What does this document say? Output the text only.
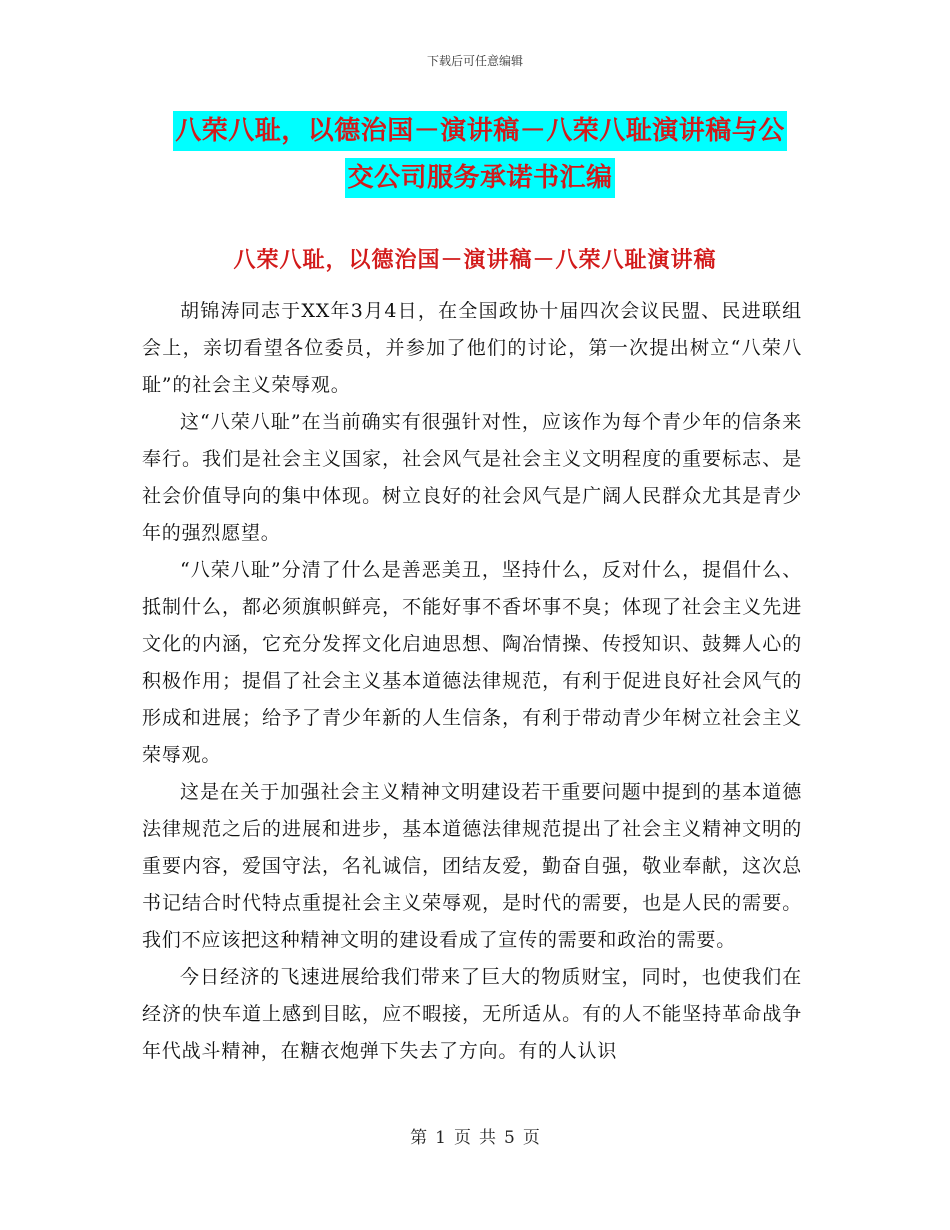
下载后可任意编辑
八荣八耻，以德治国－演讲稿－八荣八耻演讲稿与公
交公司服务承诺书汇编
八荣八耻，以德治国－演讲稿－八荣八耻演讲稿

胡锦涛同志于XX年3月4日，在全国政协十届四次会议民盟、民进联组会上，亲切看望各位委员，并参加了他们的讨论，第一次提出树立“八荣八耻”的社会主义荣辱观。

这“八荣八耻”在当前确实有很强针对性，应该作为每个青少年的信条来奉行。我们是社会主义国家，社会风气是社会主义文明程度的重要标志、是社会价值导向的集中体现。树立良好的社会风气是广阔人民群众尤其是青少年的强烈愿望。

“八荣八耻”分清了什么是善恶美丑，坚持什么，反对什么，提倡什么、抵制什么，都必须旗帜鲜亮，不能好事不香坏事不臭；体现了社会主义先进文化的内涵，它充分发挥文化启迪思想、陶冶情操、传授知识、鼓舞人心的积极作用；提倡了社会主义基本道德法律规范，有利于促进良好社会风气的形成和进展；给予了青少年新的人生信条，有利于带动青少年树立社会主义荣辱观。

这是在关于加强社会主义精神文明建设若干重要问题中提到的基本道德法律规范之后的进展和进步，基本道德法律规范提出了社会主义精神文明的重要内容，爱国守法，名礼诚信，团结友爱，勤奋自强，敬业奉献，这次总书记结合时代特点重提社会主义荣辱观，是时代的需要，也是人民的需要。我们不应该把这种精神文明的建设看成了宣传的需要和政治的需要。

今日经济的飞速进展给我们带来了巨大的物质财宝，同时，也使我们在经济的快车道上感到目眩，应不暇接，无所适从。有的人不能坚持革命战争年代战斗精神，在糖衣炮弹下失去了方向。有的人认识

第 1 页 共 5 页
